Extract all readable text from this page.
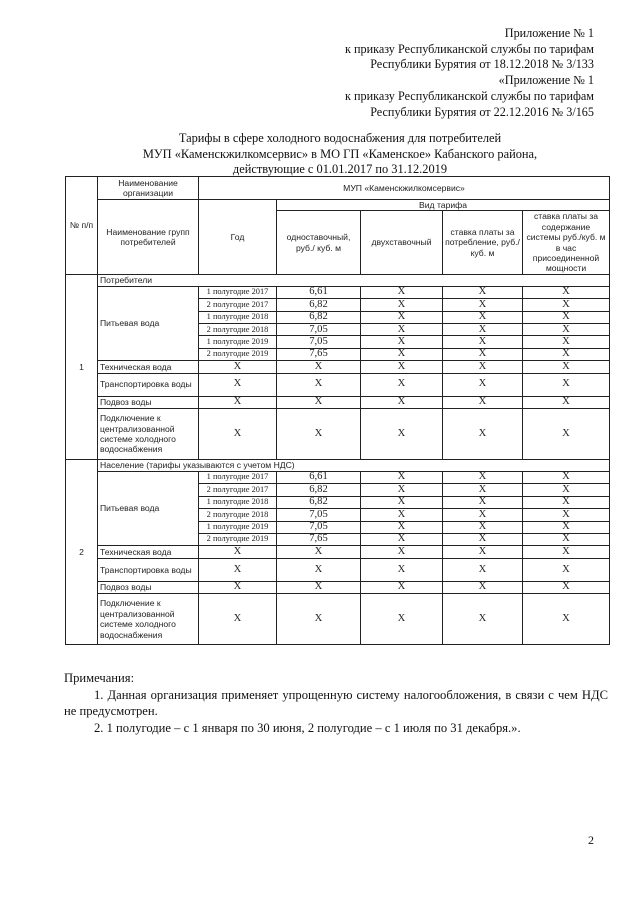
Приложение № 1
к приказу Республиканской службы по тарифам
Республики Бурятия от 18.12.2018 № 3/133
«Приложение № 1
к приказу Республиканской службы по тарифам
Республики Бурятия от 22.12.2016 № 3/165
Тарифы в сфере холодного водоснабжения для потребителей
МУП «Каменскжилкомсервис» в МО ГП «Каменское» Кабанского района,
действующие с 01.01.2017 по 31.12.2019
№ п/п	Наименование организации	МУП «Каменскжилкомсервис»				
	Наименование групп потребителей	Год	Вид тарифа			
			одноставочный, руб./ куб. м	двухставочный	ставка платы за потребление, руб./ куб. м	ставка платы за содержание системы руб./куб. м в час присоединенной мощности
1	Потребители					
	Питьевая вода	1 полугодие 2017	6,61	X	X	X
		2 полугодие 2017	6,82	X	X	X
		1 полугодие 2018	6,82	X	X	X
		2 полугодие 2018	7,05	X	X	X
		1 полугодие 2019	7,05	X	X	X
		2 полугодие 2019	7,65	X	X	X
	Техническая вода	X	X	X	X	X
	Транспортировка воды	X	X	X	X	X
	Подвоз воды	X	X	X	X	X
	Подключение к централизованной системе холодного водоснабжения	X	X	X	X	X
2	Население (тарифы указываются с учетом НДС)					
	Питьевая вода	1 полугодие 2017	6,61	X	X	X
		2 полугодие 2017	6,82	X	X	X
		1 полугодие 2018	6,82	X	X	X
		2 полугодие 2018	7,05	X	X	X
		1 полугодие 2019	7,05	X	X	X
		2 полугодие 2019	7,65	X	X	X
	Техническая вода	X	X	X	X	X
	Транспортировка воды	X	X	X	X	X
	Подвоз воды	X	X	X	X	X
	Подключение к централизованной системе холодного водоснабжения	X	X	X	X	X

Примечания:

1. Данная организация применяет упрощенную систему налогообложения, в связи с чем НДС не предусмотрен.

2. 1 полугодие – с 1 января по 30 июня, 2 полугодие – с 1 июля по 31 декабря.».

2
